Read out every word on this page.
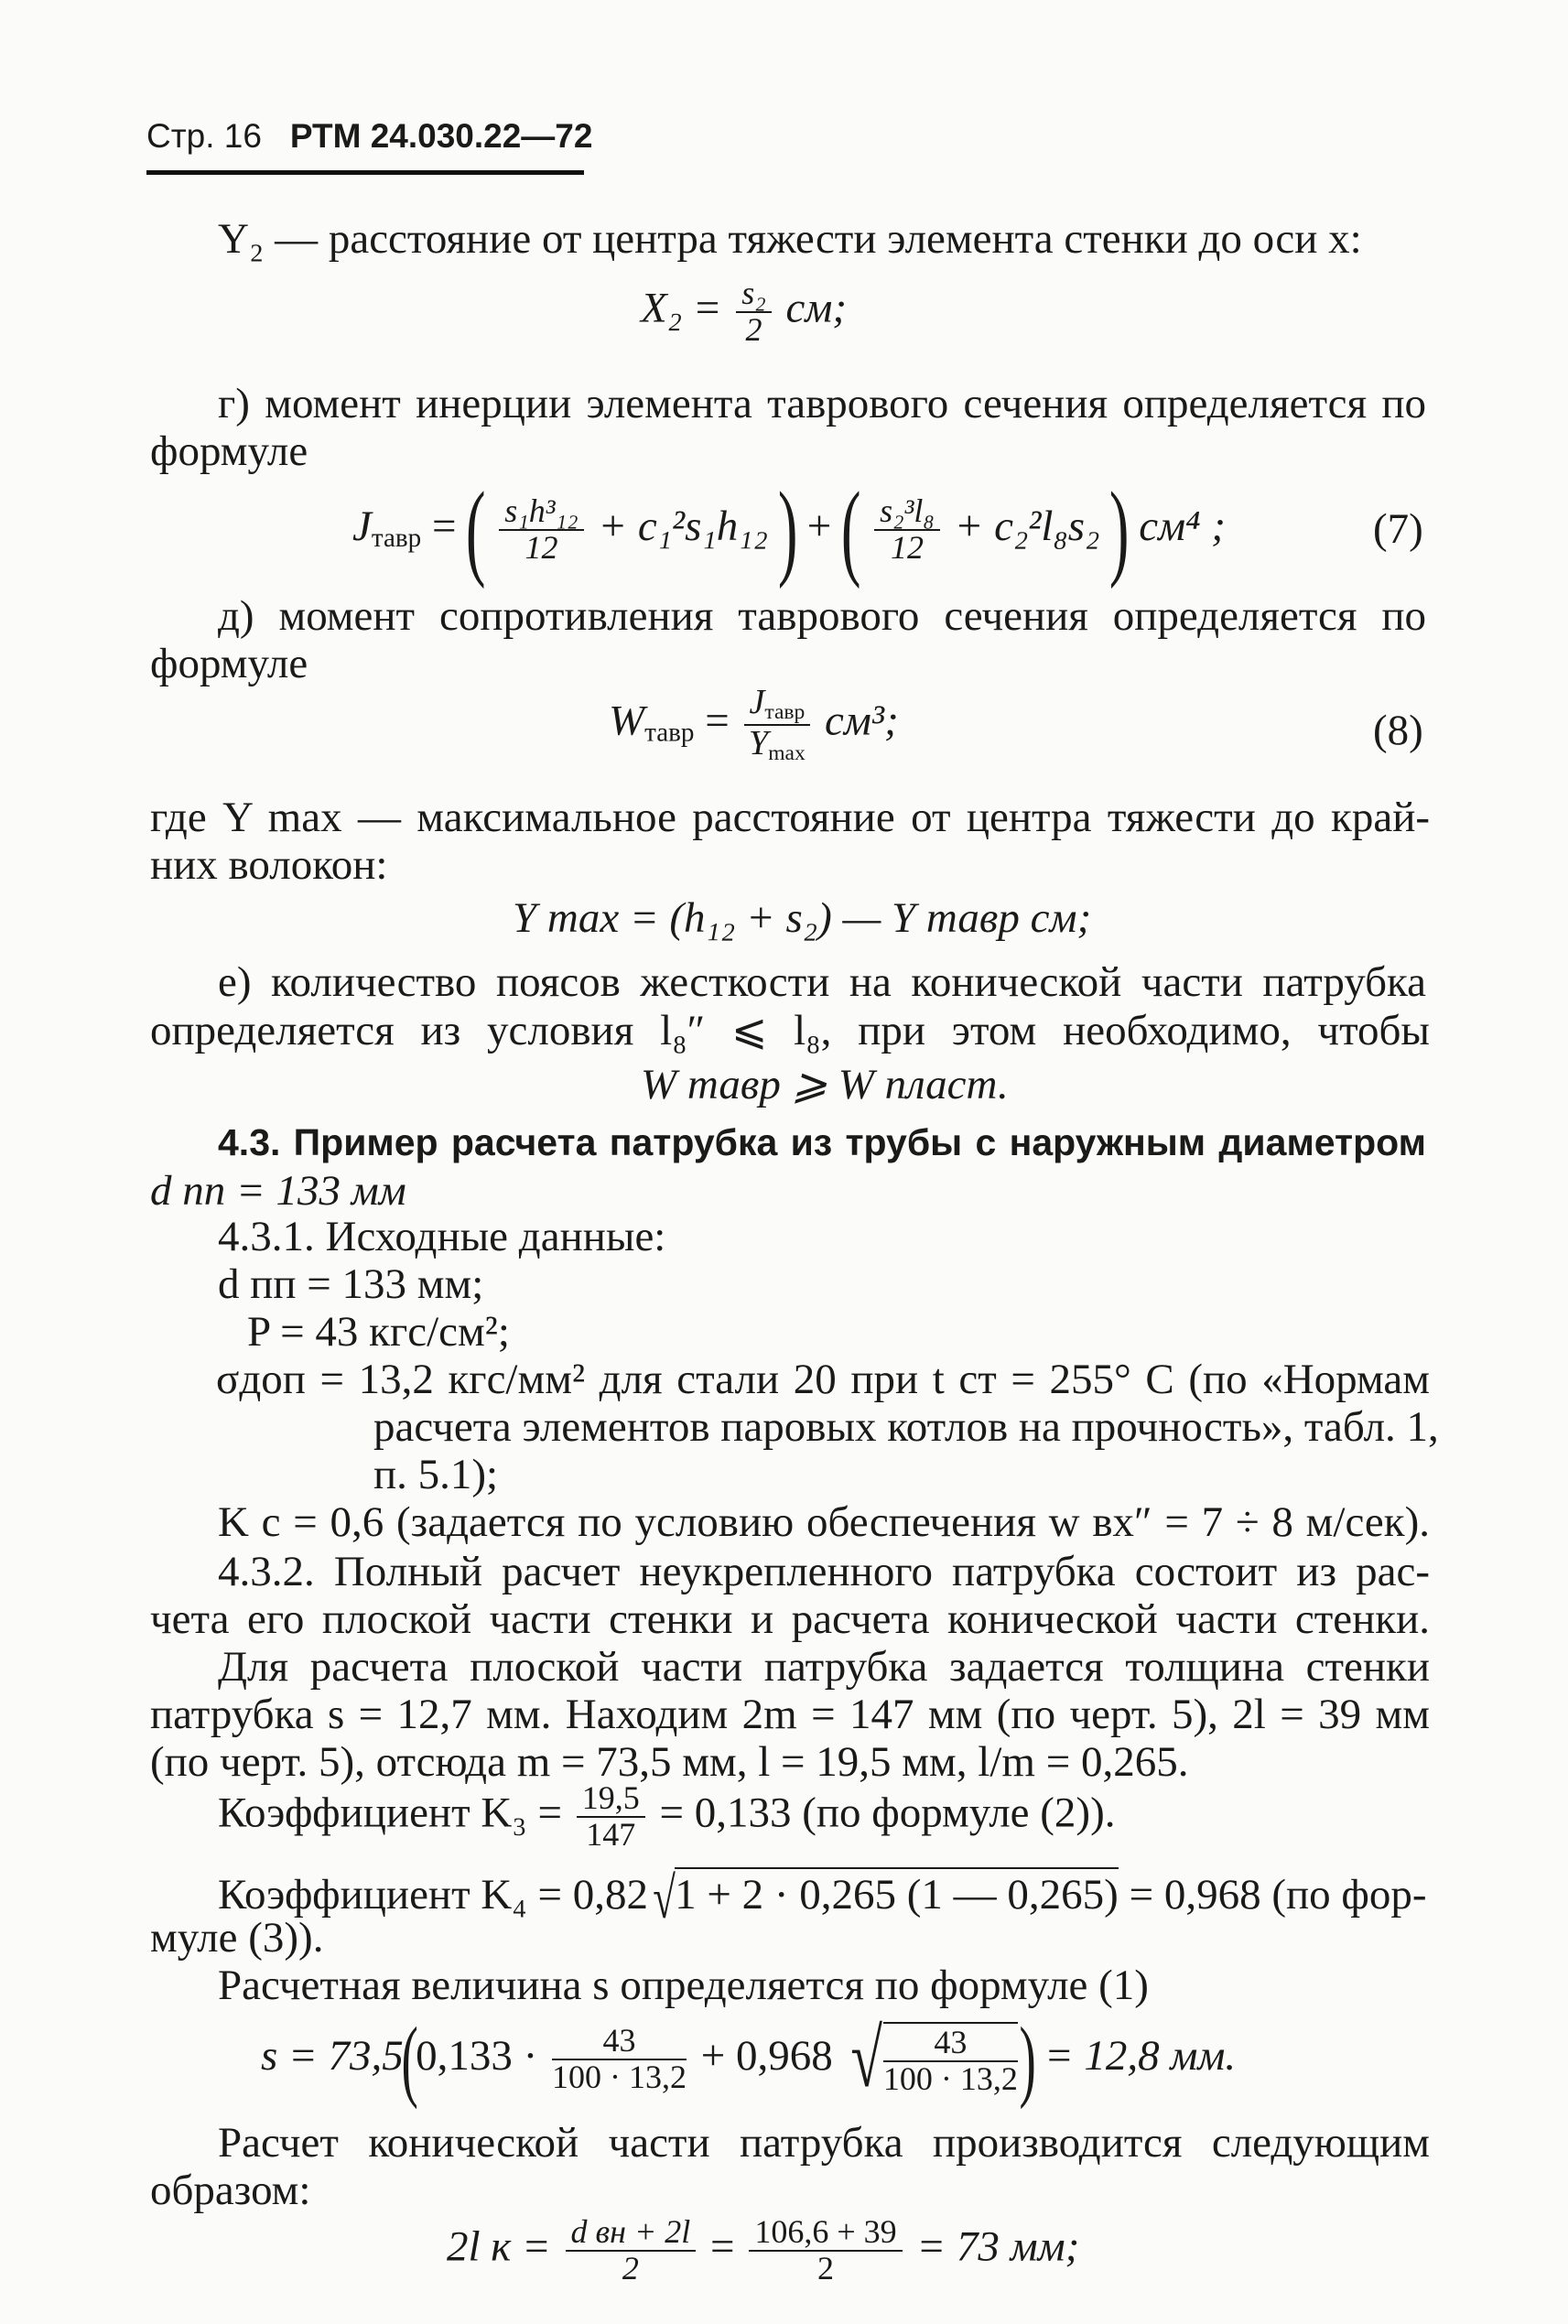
Стр. 16 РТМ 24.030.22—72
Y₂ — расстояние от центра тяжести элемента стенки до оси x:
$X_2 = \frac{\text{s₂}}{2}$ см;
г) момент инерции элемента таврового сечения определяется по
формуле
$J_{тавр}$ = ( $\frac{\text{s₁h³₁₂}}{12} + c_1^2s_1h_{12}$ ) + ( $\frac{\text{s₂³l₈}}{12} + c_2^2l_8s_2$ ) см⁴ ;	(7)
д) момент сопротивления таврового сечения определяется по
формуле
$W_{тавр} = \frac{J_{тавр}}{Y_{max}} см^3$;	(8)
где Y max — максимальное расстояние от центра тяжести до край-
них волокон:
Y max = (h₁₂ + s₂) — Y тавр см;
е) количество поясов жесткости на конической части патрубка
определяется из условия l₈″ ⩽ l₈, при этом необходимо, чтобы
W тавр ⩾ W пласт.
4.3. Пример расчета патрубка из трубы с наружным диаметром
d пп = 133 мм
4.3.1. Исходные данные:
d пп = 133 мм;
P = 43 кгс/см²;
σдоп = 13,2 кгс/мм² для стали 20 при t ст = 255° С (по «Нормам
расчета элементов паровых котлов на прочность», табл. 1,
п. 5.1);
K с = 0,6 (задается по условию обеспечения w вх″ = 7 ÷ 8 м/сек).
4.3.2. Полный расчет неукрепленного патрубка состоит из рас-
чета его плоской части стенки и расчета конической части стенки.
Для расчета плоской части патрубка задается толщина стенки
патрубка s = 12,7 мм. Находим 2m = 147 мм (по черт. 5), 2l = 39 мм
(по черт. 5), отсюда m = 73,5 мм, l = 19,5 мм, l/m = 0,265.
Коэффициент $K_3 = \frac{19,5}{147} = 0,133$ (по формуле (2)).
Коэффициент K₄ = 0,82√1 + 2 · 0,265 (1 — 0,265) = 0,968 (по фор-
муле (3)).
Расчетная величина s определяется по формуле (1)
$s = 73,5(0,133 \cdot \frac{43}{100 \cdot 13,2} + 0,968$ √ $\frac{43}{100 \cdot 13,2}$ ) = 12,8 мм.
Расчет конической части патрубка производится следующим
образом:
2l $к = \frac{\text{d вн + 2l}}{2} = \frac{106,6 + 39}{2} = 73$ мм;
